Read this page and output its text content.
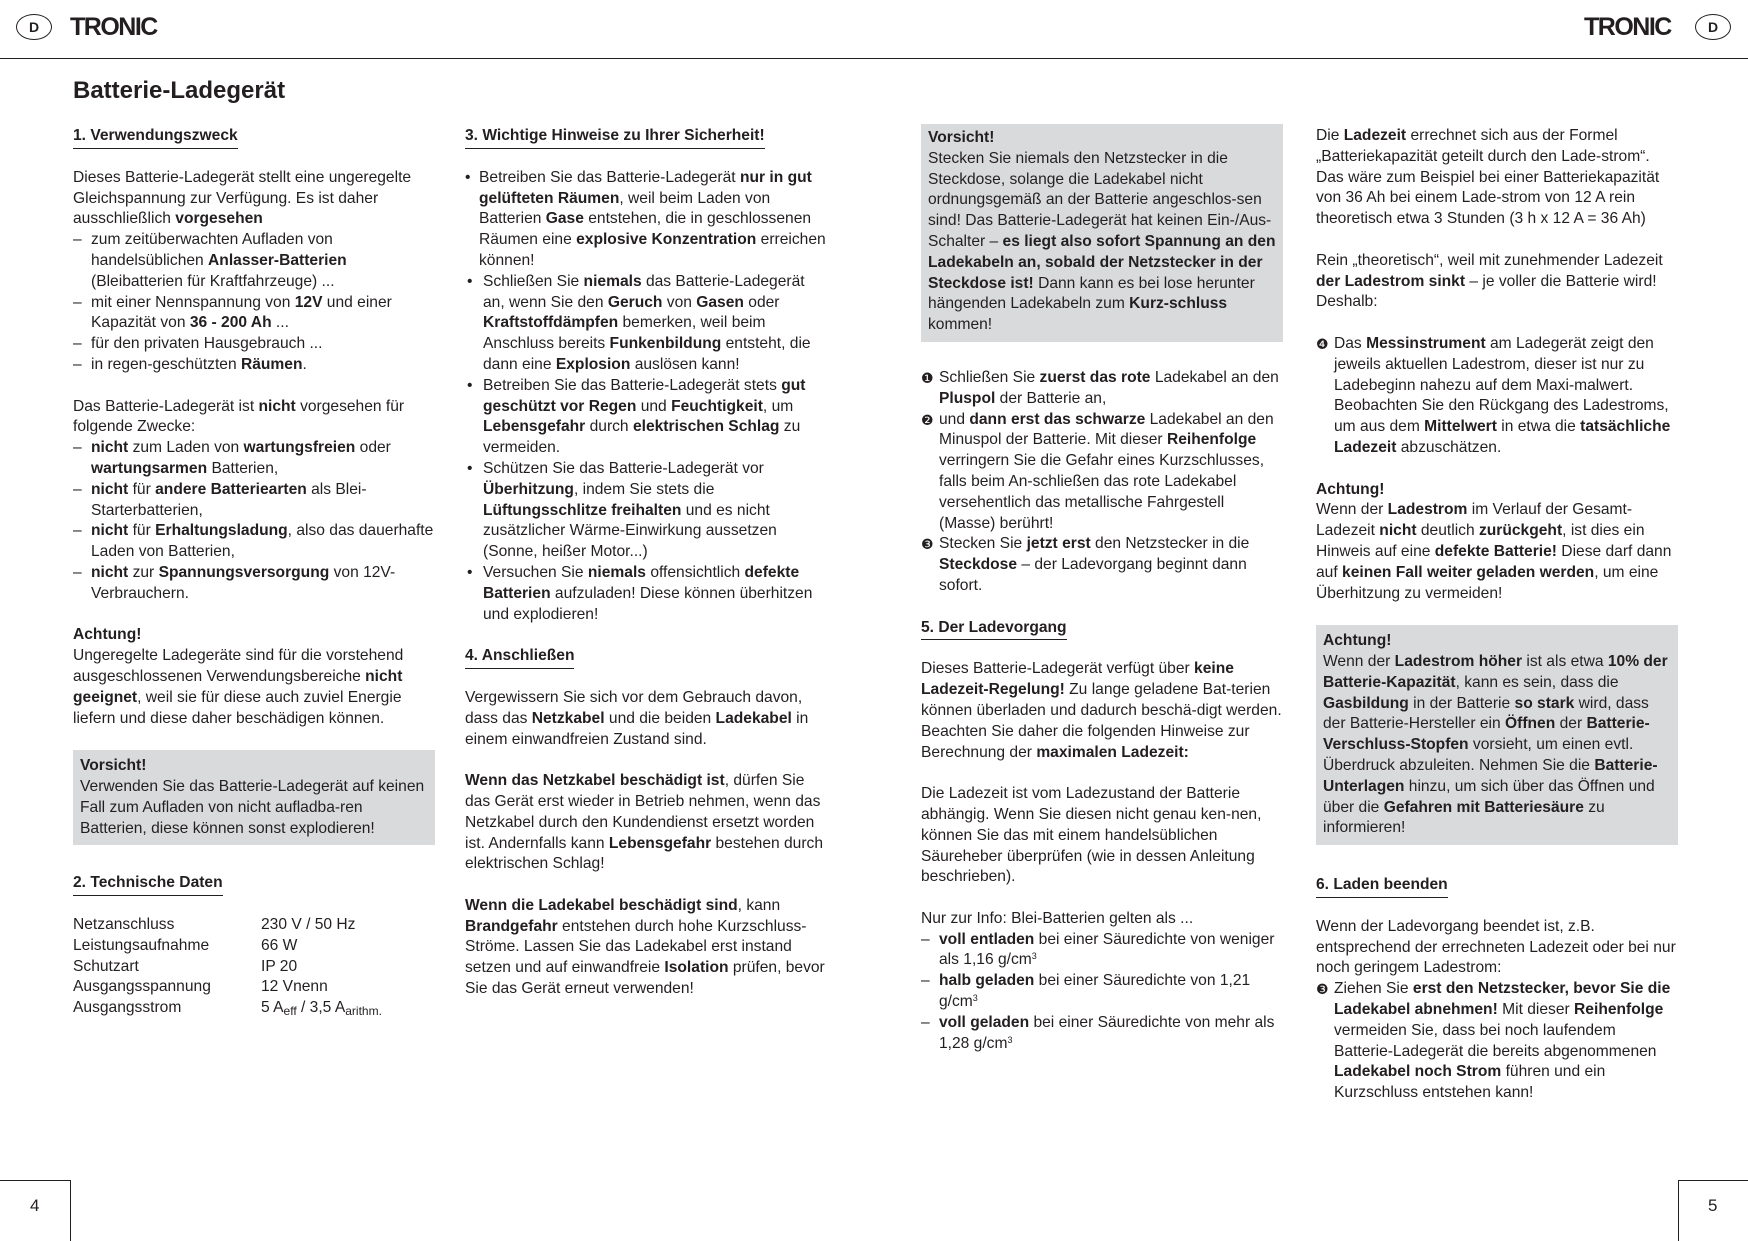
D	TRONIC	TRONIC	D
Batterie-Ladegerät
1. Verwendungszweck

Dieses Batterie-Ladegerät stellt eine ungeregelte Gleichspannung zur Verfügung. Es ist daher ausschließlich vorgesehen

– zum zeitüberwachten Aufladen von handelsüblichen Anlasser-Batterien (Bleibatterien für Kraftfahrzeuge) ...
– mit einer Nennspannung von 12V und einer Kapazität von 36 - 200 Ah ...
– für den privaten Hausgebrauch ...
– in regen-geschützten Räumen.

Das Batterie-Ladegerät ist nicht vorgesehen für folgende Zwecke:

– nicht zum Laden von wartungsfreien oder wartungsarmen Batterien,
– nicht für andere Batteriearten als Blei-Starterbatterien,
– nicht für Erhaltungsladung, also das dauerhafte Laden von Batterien,
– nicht zur Spannungsversorgung von 12V-Verbrauchern.

Achtung!

Ungeregelte Ladegeräte sind für die vorstehend ausgeschlossenen Verwendungsbereiche nicht geeignet, weil sie für diese auch zuviel Energie liefern und diese daher beschädigen können.

Vorsicht!

Verwenden Sie das Batterie-Ladegerät auf keinen Fall zum Aufladen von nicht aufladba-ren Batterien, diese können sonst explodieren!

2. Technische Daten
Netzanschluss	230 V / 50 Hz
Leistungsaufnahme	66 W
Schutzart	IP 20
Ausgangsspannung	12 Vnenn
Ausgangsstrom	5 $A_{eff} / 3,5$ $A_{arithm.}$
3. Wichtige Hinweise zu Ihrer Sicherheit!
• Betreiben Sie das Batterie-Ladegerät nur in gut gelüfteten Räumen, weil beim Laden von Batterien Gase entstehen, die in geschlossenen Räumen eine explosive Konzentration erreichen können!
• Schließen Sie niemals das Batterie-Ladegerät an, wenn Sie den Geruch von Gasen oder Kraftstoffdämpfen bemerken, weil beim Anschluss bereits Funkenbildung entsteht, die dann eine Explosion auslösen kann!
• Betreiben Sie das Batterie-Ladegerät stets gut geschützt vor Regen und Feuchtigkeit, um Lebensgefahr durch elektrischen Schlag zu vermeiden.
• Schützen Sie das Batterie-Ladegerät vor Überhitzung, indem Sie stets die Lüftungsschlitze freihalten und es nicht zusätzlicher Wärme-Einwirkung aussetzen (Sonne, heißer Motor...)
• Versuchen Sie niemals offensichtlich defekte Batterien aufzuladen! Diese können überhitzen und explodieren!
4. Anschließen

Vergewissern Sie sich vor dem Gebrauch davon, dass das Netzkabel und die beiden Ladekabel in einem einwandfreien Zustand sind.

Wenn das Netzkabel beschädigt ist, dürfen Sie das Gerät erst wieder in Betrieb nehmen, wenn das Netzkabel durch den Kundendienst ersetzt worden ist. Andernfalls kann Lebensgefahr bestehen durch elektrischen Schlag!

Wenn die Ladekabel beschädigt sind, kann Brandgefahr entstehen durch hohe Kurzschluss-Ströme. Lassen Sie das Ladekabel erst instand setzen und auf einwandfreie Isolation prüfen, bevor Sie das Gerät erneut verwenden!

Vorsicht!

Stecken Sie niemals den Netzstecker in die Steckdose, solange die Ladekabel nicht ordnungsgemäß an der Batterie angeschlos-sen sind! Das Batterie-Ladegerät hat keinen Ein-/Aus-Schalter – es liegt also sofort Spannung an den Ladekabeln an, sobald der Netzstecker in der Steckdose ist! Dann kann es bei lose herunter hängenden Ladekabeln zum Kurz-schluss kommen!

❶ Schließen Sie zuerst das rote Ladekabel an den Pluspol der Batterie an,
❷ und dann erst das schwarze Ladekabel an den Minuspol der Batterie. Mit dieser Reihenfolge verringern Sie die Gefahr eines Kurzschlusses, falls beim An-schließen das rote Ladekabel versehentlich das metallische Fahrgestell (Masse) berührt!
❸ Stecken Sie jetzt erst den Netzstecker in die Steckdose – der Ladevorgang beginnt dann sofort.
5. Der Ladevorgang

Dieses Batterie-Ladegerät verfügt über keine Ladezeit-Regelung! Zu lange geladene Bat-terien können überladen und dadurch beschä-digt werden. Beachten Sie daher die folgenden Hinweise zur Berechnung der maximalen Ladezeit:

Die Ladezeit ist vom Ladezustand der Batterie abhängig. Wenn Sie diesen nicht genau ken-nen, können Sie das mit einem handelsüblichen Säureheber überprüfen (wie in dessen Anleitung beschrieben).

Nur zur Info: Blei-Batterien gelten als ...

– voll entladen bei einer Säuredichte von weniger als 1,16 $g/cm^3$
– halb geladen bei einer Säuredichte von 1,21 $g/cm^3$
– voll geladen bei einer Säuredichte von mehr als 1,28 $g/cm^3$

Die Ladezeit errechnet sich aus der Formel „Batteriekapazität geteilt durch den Lade-strom“. Das wäre zum Beispiel bei einer Batteriekapazität von 36 Ah bei einem Lade-strom von 12 A rein theoretisch etwa 3 Stunden (3 h x 12 A = 36 Ah)

Rein „theoretisch“, weil mit zunehmender Ladezeit der Ladestrom sinkt – je voller die Batterie wird! Deshalb:

❹ Das Messinstrument am Ladegerät zeigt den jeweils aktuellen Ladestrom, dieser ist nur zu Ladebeginn nahezu auf dem Maxi-malwert. Beobachten Sie den Rückgang des Ladestroms, um aus dem Mittelwert in etwa die tatsächliche Ladezeit abzuschätzen.

Achtung!

Wenn der Ladestrom im Verlauf der Gesamt-Ladezeit nicht deutlich zurückgeht, ist dies ein Hinweis auf eine defekte Batterie! Diese darf dann auf keinen Fall weiter geladen werden, um eine Überhitzung zu vermeiden!

Achtung!

Wenn der Ladestrom höher ist als etwa 10% der Batterie-Kapazität, kann es sein, dass die Gasbildung in der Batterie so stark wird, dass der Batterie-Hersteller ein Öffnen der Batterie-Verschluss-Stopfen vorsieht, um einen evtl. Überdruck abzuleiten. Nehmen Sie die Batterie-Unterlagen hinzu, um sich über das Öffnen und über die Gefahren mit Batteriesäure zu informieren!

6. Laden beenden

Wenn der Ladevorgang beendet ist, z.B. entsprechend der errechneten Ladezeit oder bei nur noch geringem Ladestrom:

❸ Ziehen Sie erst den Netzstecker, bevor Sie die Ladekabel abnehmen! Mit dieser Reihenfolge vermeiden Sie, dass bei noch laufendem Batterie-Ladegerät die bereits abgenommenen Ladekabel noch Strom führen und ein Kurzschluss entstehen kann!
4	5
